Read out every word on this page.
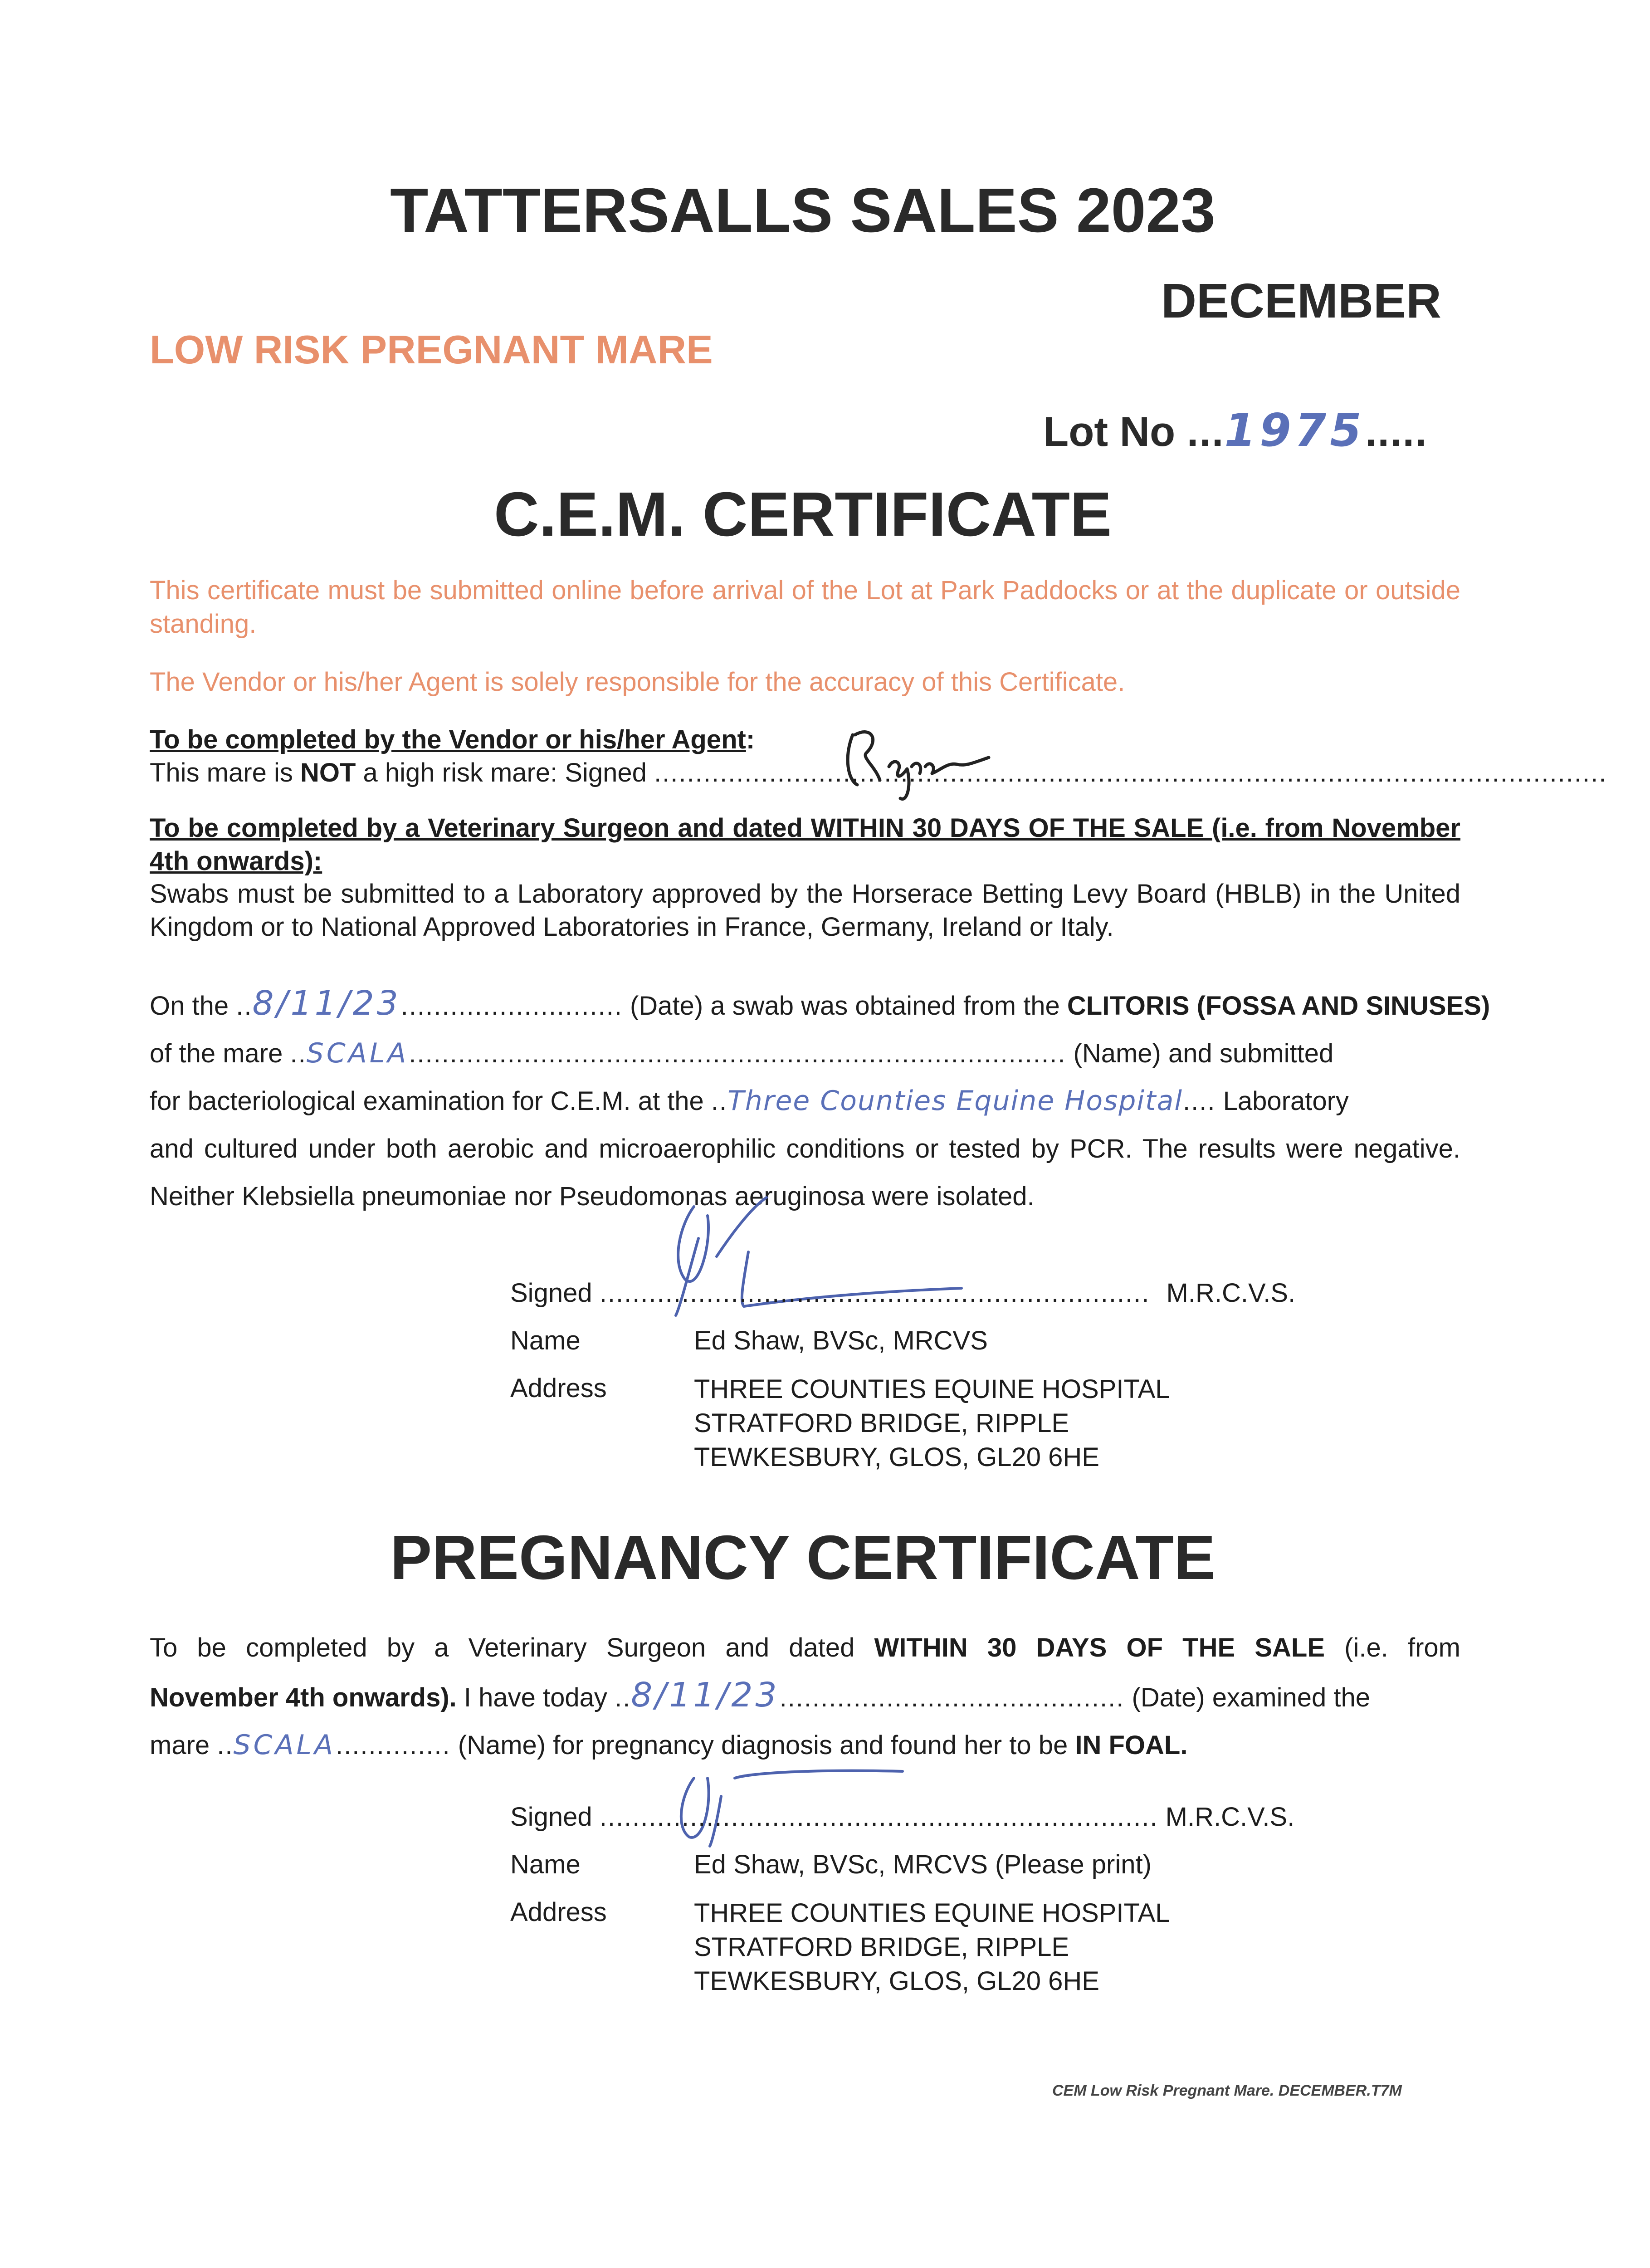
TATTERSALLS SALES 2023
DECEMBER
LOW RISK PREGNANT MARE
Lot No ...1975.....
C.E.M. CERTIFICATE
This certificate must be submitted online before arrival of the Lot at Park Paddocks or at the duplicate or outside standing.
The Vendor or his/her Agent is solely responsible for the accuracy of this Certificate.
To be completed by the Vendor or his/her Agent:
This mare is NOT a high risk mare: Signed ....................................................................................................................
To be completed by a Veterinary Surgeon and dated WITHIN 30 DAYS OF THE SALE (i.e. from November 4th onwards):
Swabs must be submitted to a Laboratory approved by the Horserace Betting Levy Board (HBLB) in the United Kingdom or to National Approved Laboratories in France, Germany, Ireland or Italy.
On the ..8/11/23........................... (Date) a swab was obtained from the CLITORIS (FOSSA AND SINUSES)
of the mare ..SCALA................................................................................ (Name) and submitted
for bacteriological examination for C.E.M. at the ..Three Counties Equine Hospital.... Laboratory
and cultured under both aerobic and microaerophilic conditions or tested by PCR. The results were negative. Neither Klebsiella pneumoniae nor Pseudomonas aeruginosa were isolated.
Signed ................................................................... M.R.C.V.S.
Name	Ed Shaw, BVSc, MRCVS
Address	THREE COUNTIES EQUINE HOSPITAL
STRATFORD BRIDGE, RIPPLE
TEWKESBURY, GLOS, GL20 6HE
PREGNANCY CERTIFICATE
To be completed by a Veterinary Surgeon and dated WITHIN 30 DAYS OF THE SALE (i.e. from
November 4th onwards). I have today ..8/11/23.......................................... (Date) examined the
mare ..SCALA.............. (Name) for pregnancy diagnosis and found her to be IN FOAL.
Signed .................................................................... M.R.C.V.S.
Name	Ed Shaw, BVSc, MRCVS (Please print)
Address	THREE COUNTIES EQUINE HOSPITAL
STRATFORD BRIDGE, RIPPLE
TEWKESBURY, GLOS, GL20 6HE
CEM Low Risk Pregnant Mare. DECEMBER.T7M
